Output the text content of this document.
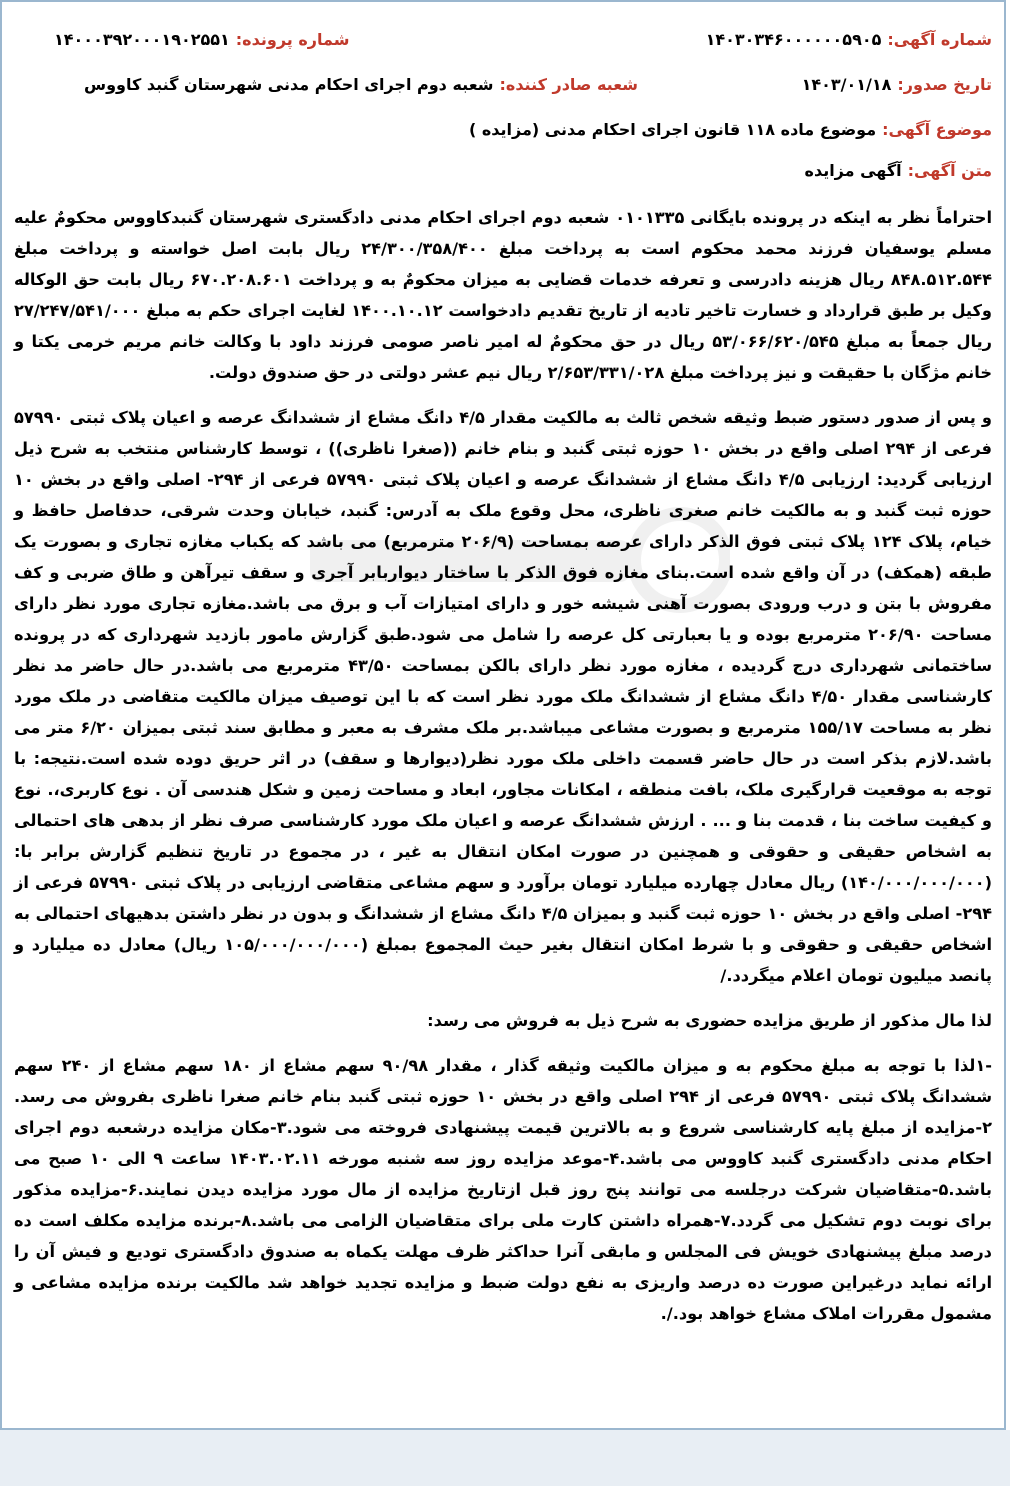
شماره آگهی:
۱۴۰۳۰۳۴۶۰۰۰۰۰۰۵۹۰۵
شماره پرونده:
۱۴۰۰۰۳۹۲۰۰۰۱۹۰۲۵۵۱
تاریخ صدور:
۱۴۰۳/۰۱/۱۸
شعبه صادر کننده:
شعبه دوم اجرای احکام مدنی شهرستان گنبد کاووس
موضوع آگهی:
موضوع ماده ۱۱۸ قانون اجرای احکام مدنی (مزایده )
متن آگهی:
آگهی مزایده

احتراماً نظر به اینکه در پرونده بایگانی ۰۱۰۱۳۳۵ شعبه دوم اجرای احکام مدنی دادگستری شهرستان گنبدکاووس محکومٌ علیه مسلم یوسفیان فرزند محمد محکوم است به پرداخت مبلغ ۲۴/۳۰۰/۳۵۸/۴۰۰ ریال بابت اصل خواسته و پرداخت مبلغ ۸۴۸.۵۱۲.۵۴۴ ریال هزینه دادرسی و تعرفه خدمات قضایی به میزان محکومٌ به و پرداخت ۶۷۰.۲۰۸.۶۰۱ ریال بابت حق الوکاله وکیل بر طبق قرارداد و خسارت تاخیر تادیه از تاریخ تقدیم دادخواست ۱۴۰۰.۱۰.۱۲ لغایت اجرای حکم به مبلغ ۲۷/۲۴۷/۵۴۱/۰۰۰ ریال جمعاً به مبلغ ۵۳/۰۶۶/۶۲۰/۵۴۵ ریال در حق محکومٌ له امیر ناصر صومی فرزند داود با وکالت خانم مریم خرمی یکتا و خانم مژگان با حقیقت و نیز پرداخت مبلغ ۲/۶۵۳/۳۳۱/۰۲۸ ریال نیم عشر دولتی در حق صندوق دولت.

و پس از صدور دستور ضبط وثیقه شخص ثالث به مالکیت مقدار ۴/۵ دانگ مشاع از ششدانگ عرصه و اعیان پلاک ثبتی ۵۷۹۹۰ فرعی از ۲۹۴ اصلی واقع در بخش ۱۰ حوزه ثبتی گنبد و بنام خانم ((صغرا ناظری)) ، توسط کارشناس منتخب به شرح ذیل ارزیابی گردید: ارزیابی ۴/۵ دانگ مشاع از ششدانگ عرصه و اعیان پلاک ثبتی ۵۷۹۹۰ فرعی از ۲۹۴- اصلی واقع در بخش ۱۰ حوزه ثبت گنبد و به مالکیت خانم صغری ناظری، محل وقوع ملک به آدرس: گنبد، خیابان وحدت شرقی، حدفاصل حافظ و خیام، پلاک ۱۲۴ پلاک ثبتی فوق الذکر دارای عرصه بمساحت (۲۰۶/۹ مترمربع) می باشد که یکباب مغازه تجاری و بصورت یک طبقه (همکف) در آن واقع شده است.بنای مغازه فوق الذکر با ساختار دیواربابر آجری و سقف تیرآهن و طاق ضربی و کف مفروش با بتن و درب ورودی بصورت آهنی شیشه خور و دارای امتیازات آب و برق می باشد.مغازه تجاری مورد نظر دارای مساحت ۲۰۶/۹۰ مترمربع بوده و یا بعبارتی کل عرصه را شامل می شود.طبق گزارش مامور بازدید شهرداری که در پرونده ساختمانی شهرداری درج گردیده ، مغازه مورد نظر دارای بالکن بمساحت ۴۳/۵۰ مترمربع می باشد.در حال حاضر مد نظر کارشناسی مقدار ۴/۵۰ دانگ مشاع از ششدانگ ملک مورد نظر است که با این توصیف میزان مالکیت متقاضی در ملک مورد نظر به مساحت ۱۵۵/۱۷ مترمربع و بصورت مشاعی میباشد.بر ملک مشرف به معبر و مطابق سند ثبتی بمیزان ۶/۲۰ متر می باشد.لازم بذکر است در حال حاضر قسمت داخلی ملک مورد نظر(دیوارها و سقف) در اثر حریق دوده شده است.نتیجه: با توجه به موقعیت قرارگیری ملک، بافت منطقه ، امکانات مجاور، ابعاد و مساحت زمین و شکل هندسی آن . نوع کاربری،. نوع و کیفیت ساخت بنا ، قدمت بنا و ... . ارزش ششدانگ عرصه و اعیان ملک مورد کارشناسی صرف نظر از بدهی های احتمالی به اشخاص حقیقی و حقوقی و همچنین در صورت امکان انتقال به غیر ، در مجموع در تاریخ تنظیم گزارش برابر با: (۱۴۰/۰۰۰/۰۰۰/۰۰۰) ریال معادل چهارده میلیارد تومان برآورد و سهم مشاعی متقاضی ارزیابی در پلاک ثبتی ۵۷۹۹۰ فرعی از ۲۹۴- اصلی واقع در بخش ۱۰ حوزه ثبت گنبد و بمیزان ۴/۵ دانگ مشاع از ششدانگ و بدون در نظر داشتن بدهیهای احتمالی به اشخاص حقیقی و حقوقی و با شرط امکان انتقال بغیر حیث المجموع بمبلغ (۱۰۵/۰۰۰/۰۰۰/۰۰۰ ریال) معادل ده میلیارد و پانصد میلیون تومان اعلام میگردد./

لذا مال مذکور از طریق مزایده حضوری به شرح ذیل به فروش می رسد:

-۱لذا با توجه به مبلغ محکوم به و میزان مالکیت وثیقه گذار ، مقدار ۹۰/۹۸ سهم مشاع از ۱۸۰ سهم مشاع از ۲۴۰ سهم ششدانگ پلاک ثبتی ۵۷۹۹۰ فرعی از ۲۹۴ اصلی واقع در بخش ۱۰ حوزه ثبتی گنبد بنام خانم صغرا ناظری بفروش می رسد. ۲-مزایده از مبلغ پایه کارشناسی شروع و به بالاترین قیمت پیشنهادی فروخته می شود.۳-مکان مزایده درشعبه دوم اجرای احکام مدنی دادگستری گنبد کاووس می باشد.۴-موعد مزایده روز سه شنبه مورخه ۱۴۰۳.۰۲.۱۱ ساعت ۹ الی ۱۰ صبح می باشد.۵-متقاضیان شرکت درجلسه می توانند پنج روز قبل ازتاریخ مزایده از مال مورد مزایده دیدن نمایند.۶-مزایده مذکور برای نوبت دوم تشکیل می گردد.۷-همراه داشتن کارت ملی برای متقاضیان الزامی می باشد.۸-برنده مزایده مکلف است ده درصد مبلغ پیشنهادی خویش فی المجلس و مابقی آنرا حداکثر ظرف مهلت یکماه به صندوق دادگستری تودیع و فیش آن را ارائه نماید درغیراین صورت ده درصد واریزی به نفع دولت ضبط و مزایده تجدید خواهد شد مالکیت برنده مزایده مشاعی و مشمول مقررات املاک مشاع خواهد بود./.
